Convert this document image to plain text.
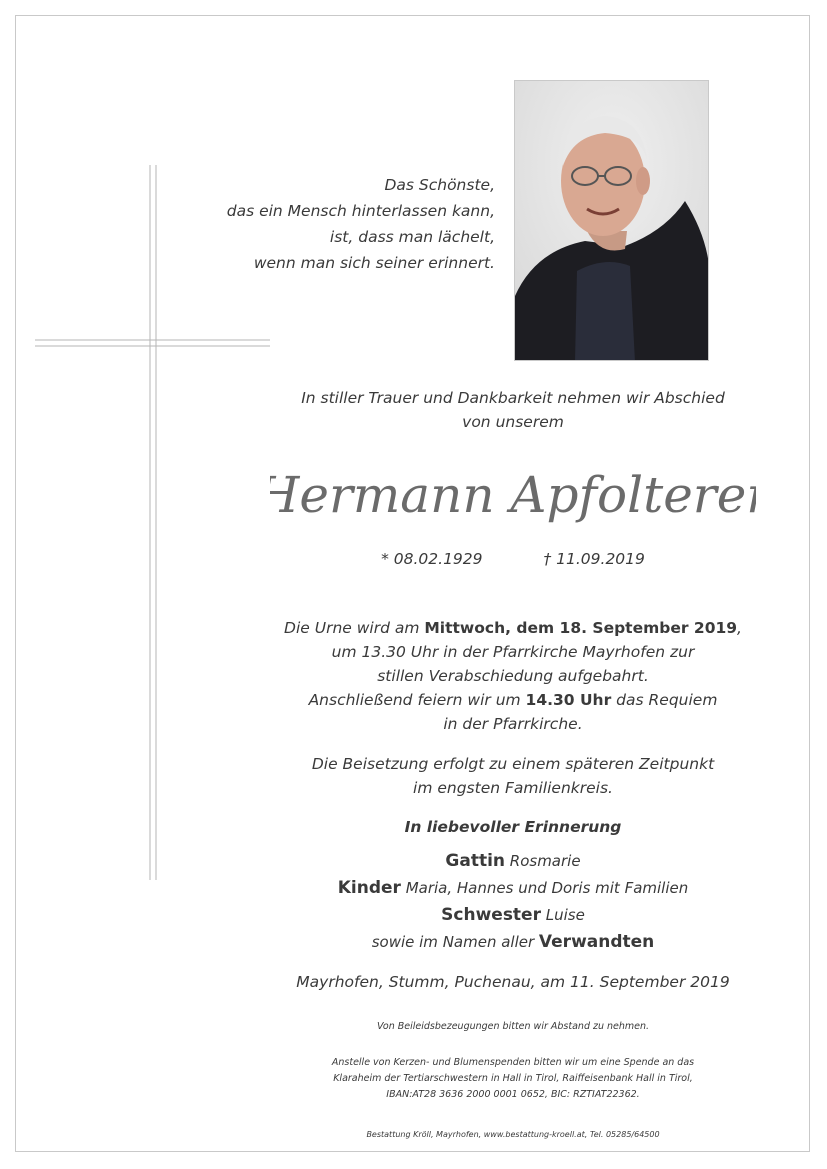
Das Schönste,
das ein Mensch hinterlassen kann,
ist, dass man lächelt,
wenn man sich seiner erinnert.
In stiller Trauer und Dankbarkeit nehmen wir Abschied
von unserem
Hermann Apfolterer
* 08.02.1929	† 11.09.2019
Die Urne wird am Mittwoch, dem 18. September 2019,
um 13.30 Uhr in der Pfarrkirche Mayrhofen zur
stillen Verabschiedung aufgebahrt.
Anschließend feiern wir um 14.30 Uhr das Requiem
in der Pfarrkirche.
Die Beisetzung erfolgt zu einem späteren Zeitpunkt
im engsten Familienkreis.
In liebevoller Erinnerung
Gattin Rosmarie
Kinder Maria, Hannes und Doris mit Familien
Schwester Luise
sowie im Namen aller Verwandten
Mayrhofen, Stumm, Puchenau, am 11. September 2019
Von Beileidsbezeugungen bitten wir Abstand zu nehmen.
Anstelle von Kerzen- und Blumenspenden bitten wir um eine Spende an das
Klaraheim der Tertiarschwestern in Hall in Tirol, Raiffeisenbank Hall in Tirol,
IBAN:AT28 3636 2000 0001 0652, BIC: RZTIAT22362.
Bestattung Kröll, Mayrhofen, www.bestattung-kroell.at, Tel. 05285/64500
